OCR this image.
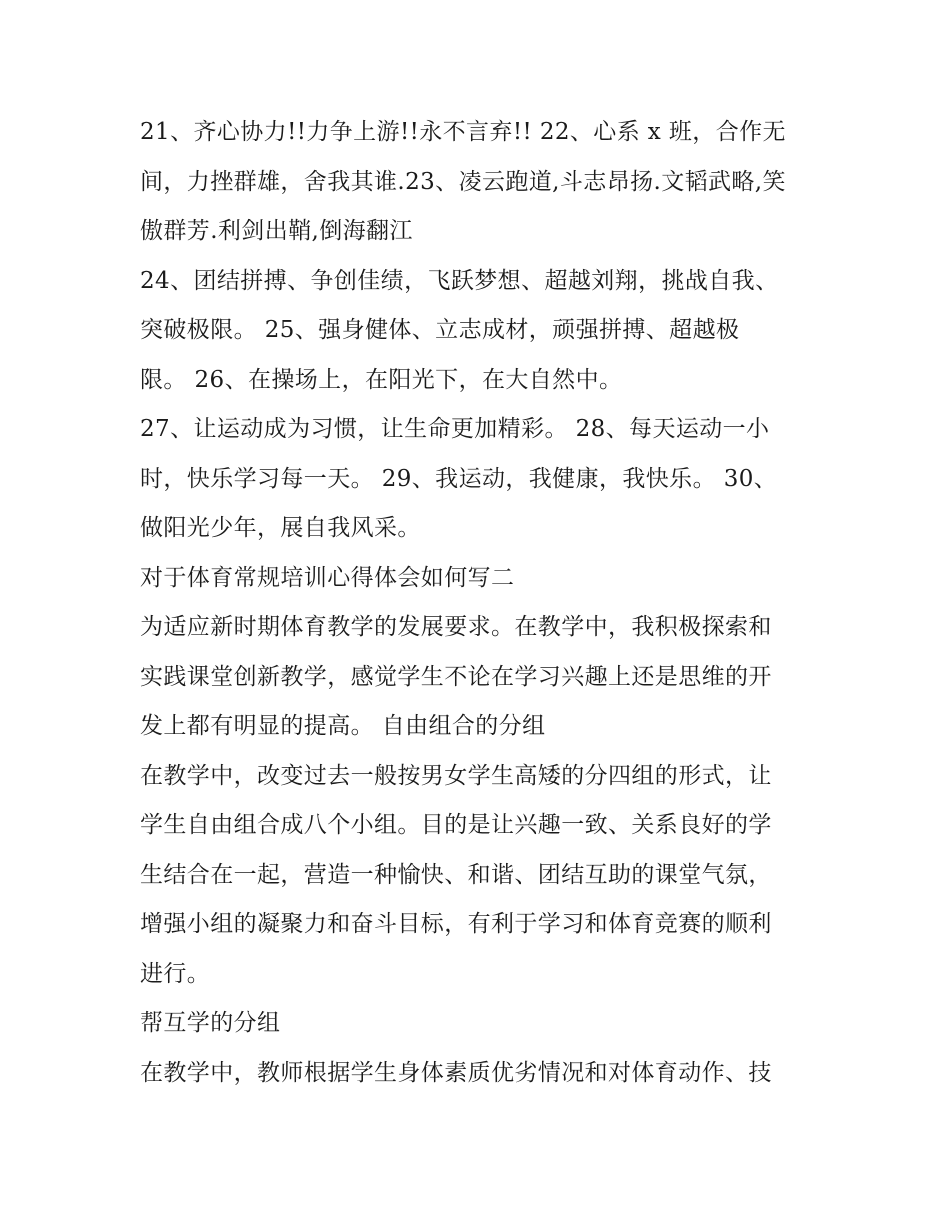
21、齐心协力!!力争上游!!永不言弃!! 22、心系 x 班，合作无
间，力挫群雄，舍我其谁.23、凌云跑道,斗志昂扬.文韬武略,笑
傲群芳.利剑出鞘,倒海翻江

24、团结拼搏、争创佳绩，飞跃梦想、超越刘翔，挑战自我、
突破极限。 25、强身健体、立志成材，顽强拼搏、超越极
限。 26、在操场上，在阳光下，在大自然中。

27、让运动成为习惯，让生命更加精彩。 28、每天运动一小
时，快乐学习每一天。 29、我运动，我健康，我快乐。 30、
做阳光少年，展自我风采。

对于体育常规培训心得体会如何写二

为适应新时期体育教学的发展要求。在教学中，我积极探索和
实践课堂创新教学，感觉学生不论在学习兴趣上还是思维的开
发上都有明显的提高。 自由组合的分组

在教学中，改变过去一般按男女学生高矮的分四组的形式，让
学生自由组合成八个小组。目的是让兴趣一致、关系良好的学
生结合在一起，营造一种愉快、和谐、团结互助的课堂气氛，
增强小组的凝聚力和奋斗目标，有利于学习和体育竞赛的顺利
进行。

帮互学的分组

在教学中，教师根据学生身体素质优劣情况和对体育动作、技
